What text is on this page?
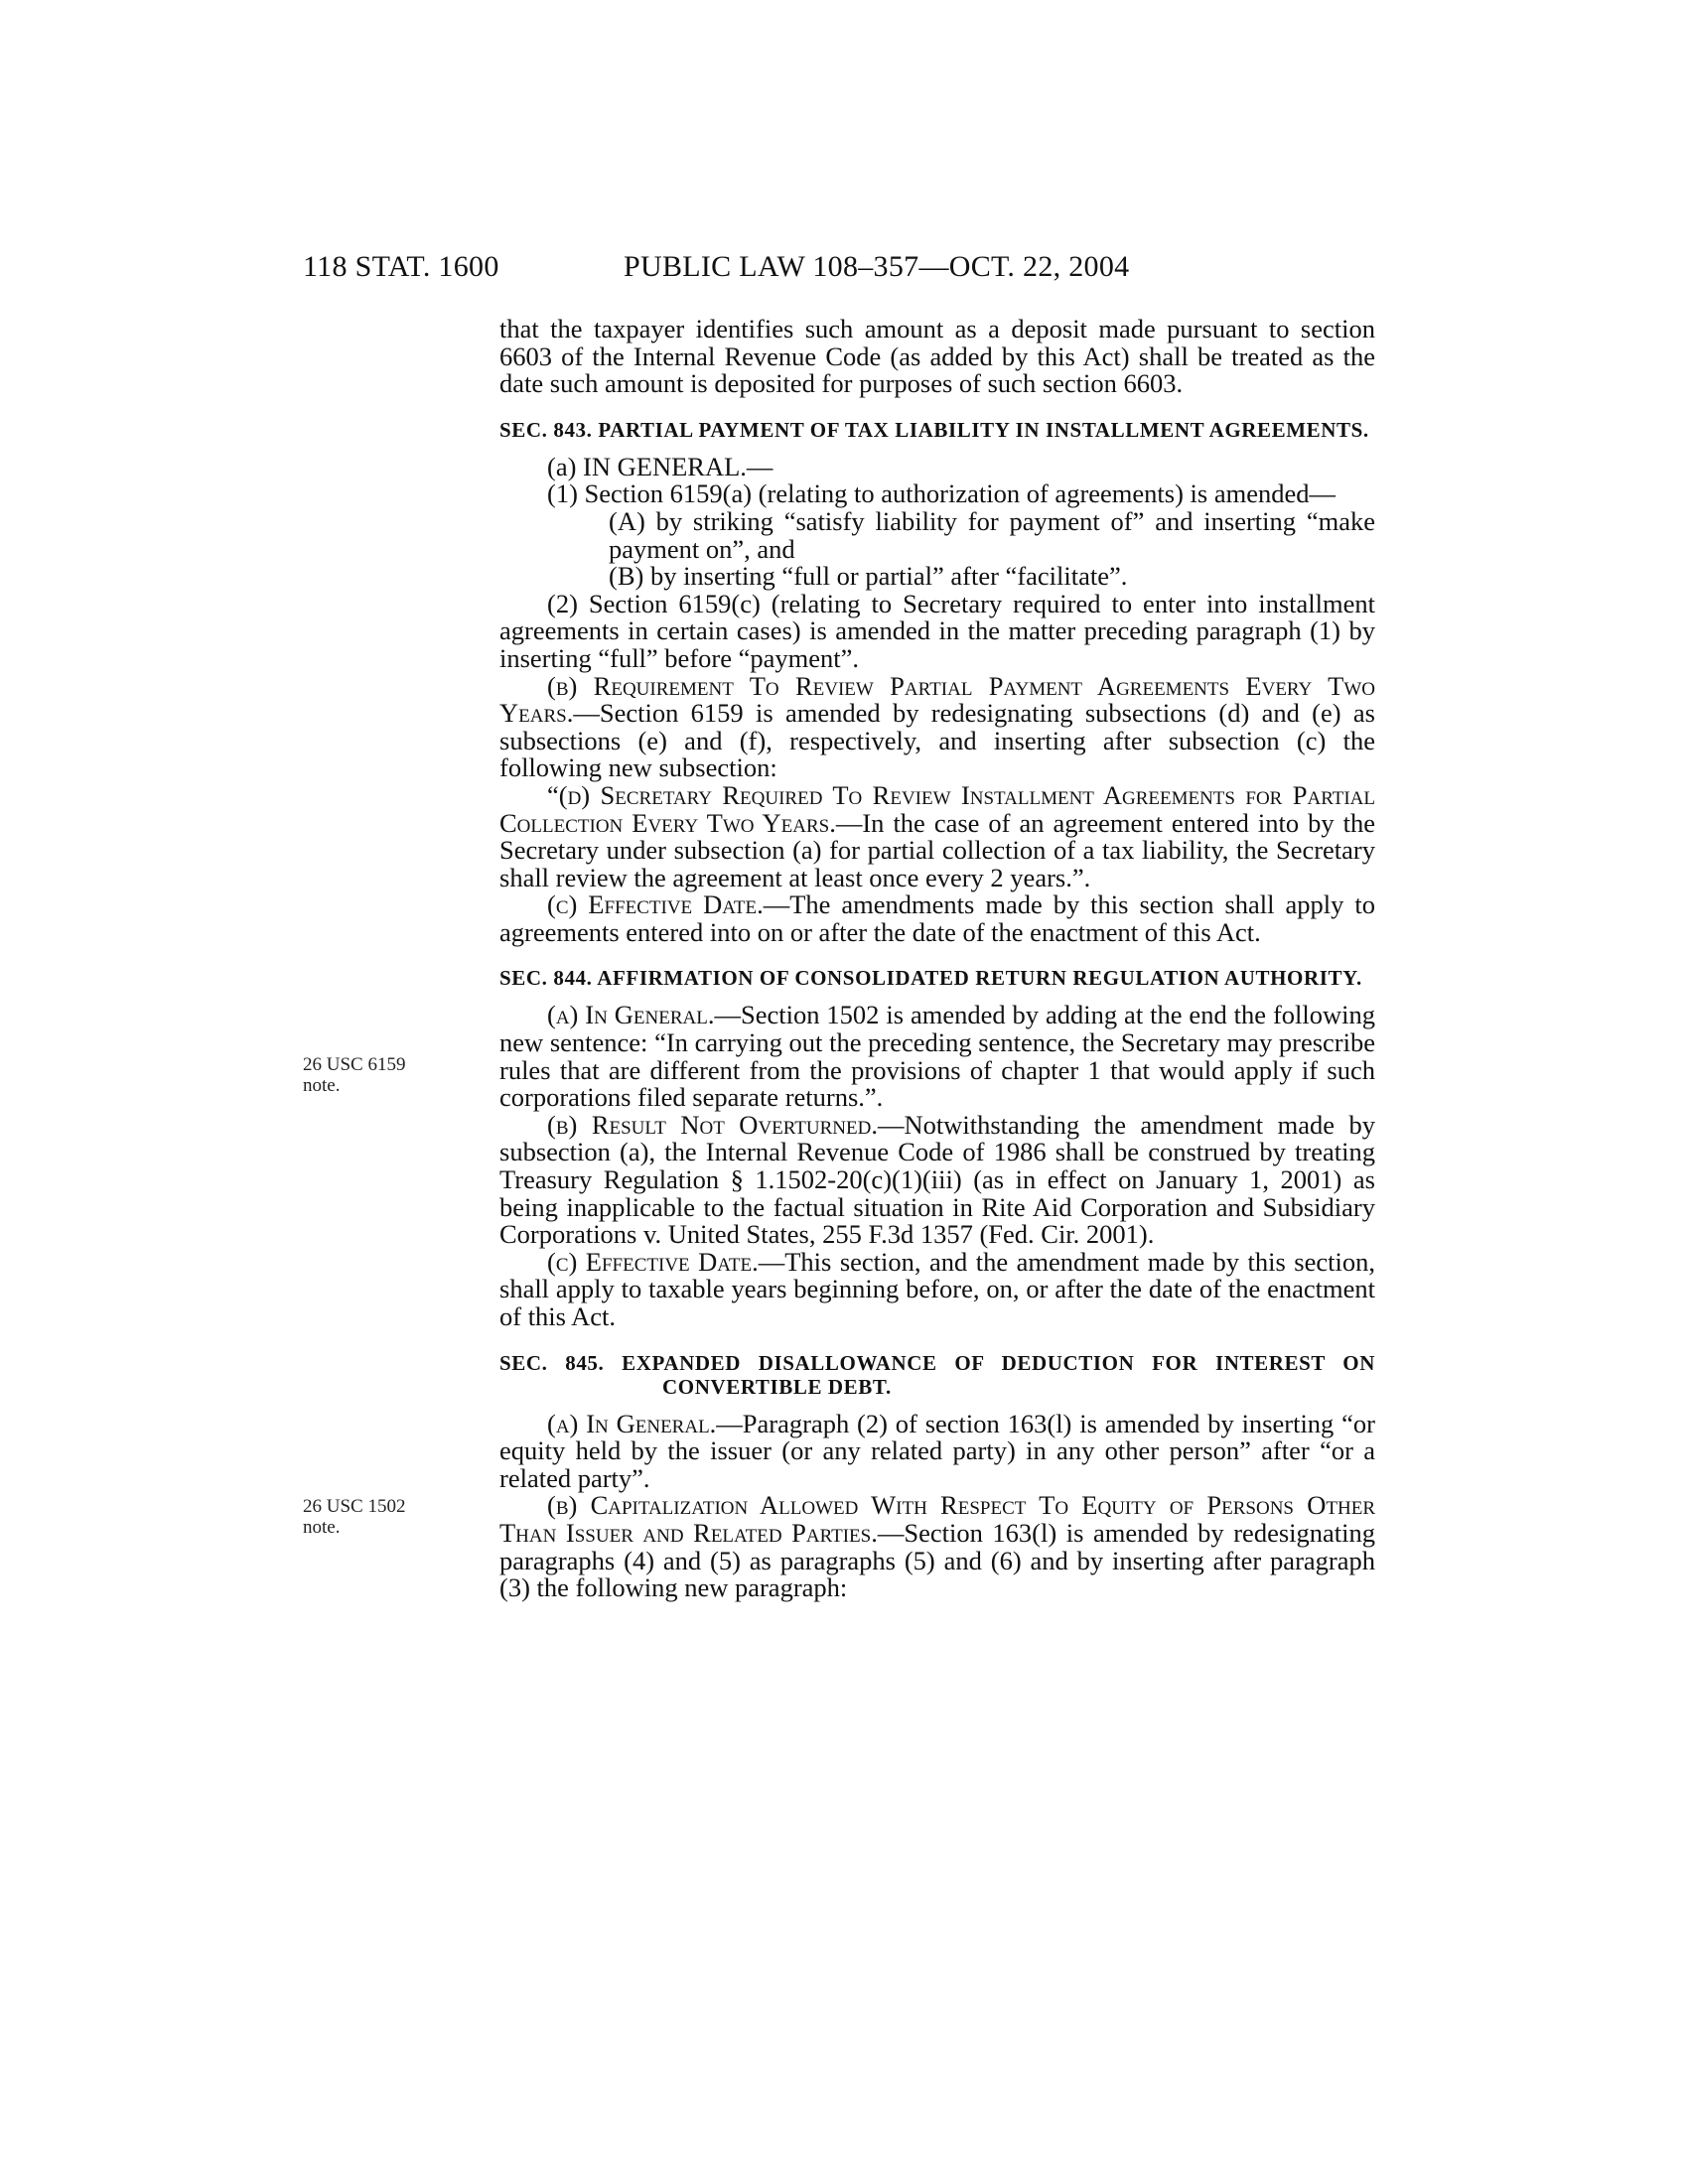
118 STAT. 1600	PUBLIC LAW 108–357—OCT. 22, 2004
26 USC 6159
note.
26 USC 1502
note.

that the taxpayer identifies such amount as a deposit made pursuant to section 6603 of the Internal Revenue Code (as added by this Act) shall be treated as the date such amount is deposited for purposes of such section 6603.

SEC. 843. PARTIAL PAYMENT OF TAX LIABILITY IN INSTALLMENT AGREEMENTS.

(a) IN GENERAL.—

(1) Section 6159(a) (relating to authorization of agreements) is amended—

(A) by striking “satisfy liability for payment of” and inserting “make payment on”, and

(B) by inserting “full or partial” after “facilitate”.

(2) Section 6159(c) (relating to Secretary required to enter into installment agreements in certain cases) is amended in the matter preceding paragraph (1) by inserting “full” before “payment”.

(b) Requirement To Review Partial Payment Agreements Every Two Years.—Section 6159 is amended by redesignating subsections (d) and (e) as subsections (e) and (f), respectively, and inserting after subsection (c) the following new subsection:

“(d) Secretary Required To Review Installment Agreements for Partial Collection Every Two Years.—In the case of an agreement entered into by the Secretary under subsection (a) for partial collection of a tax liability, the Secretary shall review the agreement at least once every 2 years.”.

(c) Effective Date.—The amendments made by this section shall apply to agreements entered into on or after the date of the enactment of this Act.

SEC. 844. AFFIRMATION OF CONSOLIDATED RETURN REGULATION AUTHORITY.

(a) In General.—Section 1502 is amended by adding at the end the following new sentence: “In carrying out the preceding sentence, the Secretary may prescribe rules that are different from the provisions of chapter 1 that would apply if such corporations filed separate returns.”.

(b) Result Not Overturned.—Notwithstanding the amendment made by subsection (a), the Internal Revenue Code of 1986 shall be construed by treating Treasury Regulation § 1.1502-20(c)(1)(iii) (as in effect on January 1, 2001) as being inapplicable to the factual situation in Rite Aid Corporation and Subsidiary Corporations v. United States, 255 F.3d 1357 (Fed. Cir. 2001).

(c) Effective Date.—This section, and the amendment made by this section, shall apply to taxable years beginning before, on, or after the date of the enactment of this Act.

SEC. 845. EXPANDED DISALLOWANCE OF DEDUCTION FOR INTEREST ON CONVERTIBLE DEBT.

(a) In General.—Paragraph (2) of section 163(l) is amended by inserting “or equity held by the issuer (or any related party) in any other person” after “or a related party”.

(b) Capitalization Allowed With Respect To Equity of Persons Other Than Issuer and Related Parties.—Section 163(l) is amended by redesignating paragraphs (4) and (5) as paragraphs (5) and (6) and by inserting after paragraph (3) the following new paragraph:
